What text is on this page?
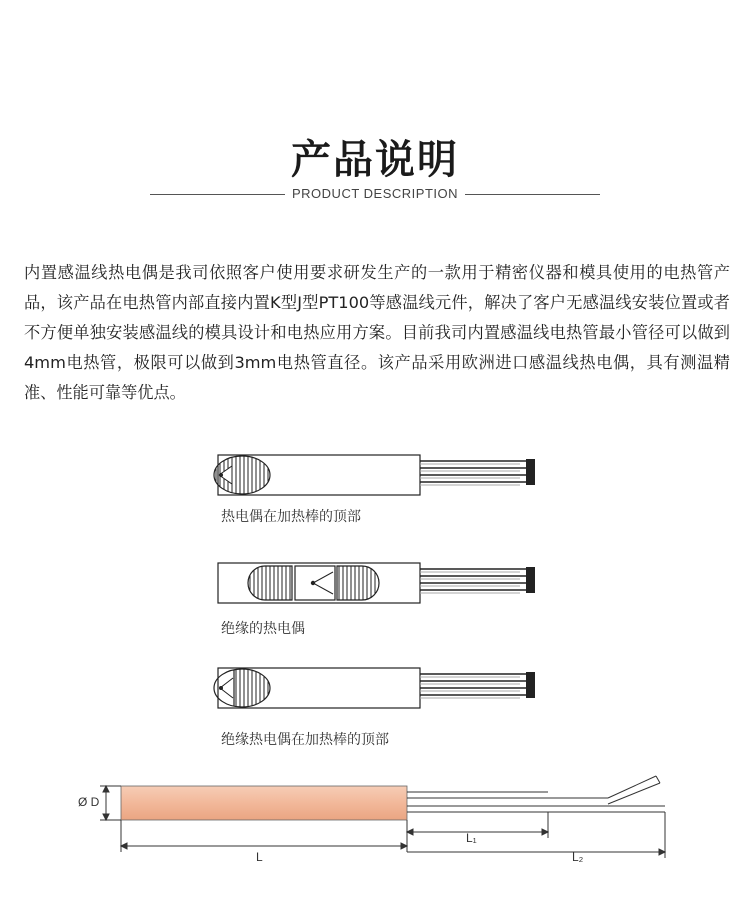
产品说明
PRODUCT DESCRIPTION
内置感温线热电偶是我司依照客户使用要求研发生产的一款用于精密仪器和模具使用的电热管产品，该产品在电热管内部直接内置K型J型PT100等感温线元件，解决了客户无感温线安装位置或者不方便单独安装感温线的模具设计和电热应用方案。目前我司内置感温线电热管最小管径可以做到4mm电热管，极限可以做到3mm电热管直径。该产品采用欧洲进口感温线热电偶，具有测温精准、性能可靠等优点。
热电偶在加热棒的顶部
绝缘的热电偶
绝缘热电偶在加热棒的顶部
Ø D
L
L₁
L₂
